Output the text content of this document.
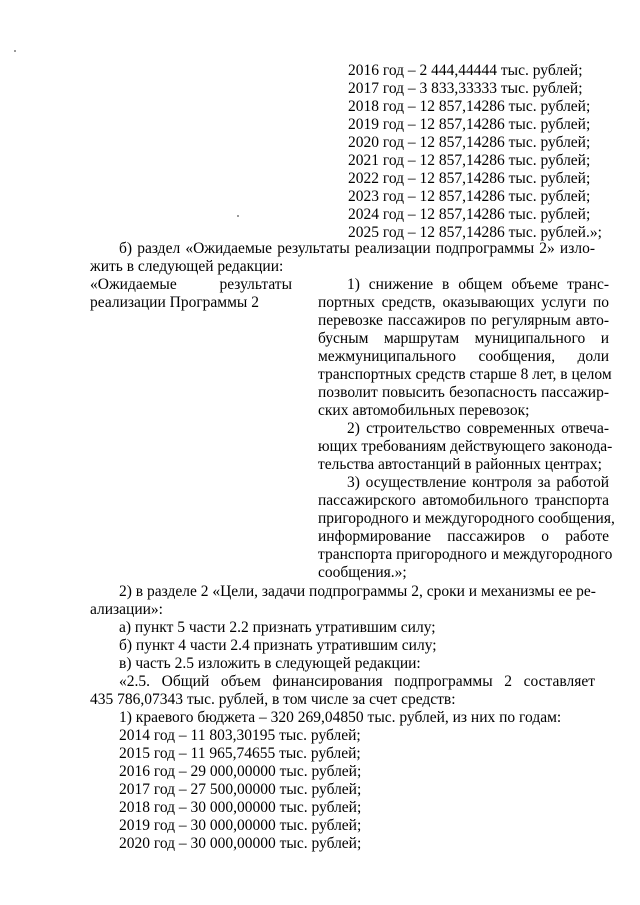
2016 год – 2 444,44444 тыс. рублей;
2017 год – 3 833,33333 тыс. рублей;
2018 год – 12 857,14286 тыс. рублей;
2019 год – 12 857,14286 тыс. рублей;
2020 год – 12 857,14286 тыс. рублей;
2021 год – 12 857,14286 тыс. рублей;
2022 год – 12 857,14286 тыс. рублей;
2023 год – 12 857,14286 тыс. рублей;
2024 год – 12 857,14286 тыс. рублей;
2025 год – 12 857,14286 тыс. рублей.»;
б) раздел «Ожидаемые результаты реализации подпрограммы 2» изло-
жить в следующей редакции:
«Ожидаемые результаты
реализации Программы 2
1) снижение в общем объеме транс-
портных средств, оказывающих услуги по
перевозке пассажиров по регулярным авто-
бусным маршрутам муниципального и
межмуниципального сообщения, доли
транспортных средств старше 8 лет, в целом
позволит повысить безопасность пассажир-
ских автомобильных перевозок;
2) строительство современных отвеча-
ющих требованиям действующего законода-
тельства автостанций в районных центрах;
3) осуществление контроля за работой
пассажирского автомобильного транспорта
пригородного и междугородного сообщения,
информирование пассажиров о работе
транспорта пригородного и междугородного
сообщения.»;
2) в разделе 2 «Цели, задачи подпрограммы 2, сроки и механизмы ее ре-
ализации»:
а) пункт 5 части 2.2 признать утратившим силу;
б) пункт 4 части 2.4 признать утратившим силу;
в) часть 2.5 изложить в следующей редакции:
«2.5. Общий объем финансирования подпрограммы 2 составляет
435 786,07343 тыс. рублей, в том числе за счет средств:
1) краевого бюджета – 320 269,04850 тыс. рублей, из них по годам:
2014 год – 11 803,30195 тыс. рублей;
2015 год – 11 965,74655 тыс. рублей;
2016 год – 29 000,00000 тыс. рублей;
2017 год – 27 500,00000 тыс. рублей;
2018 год – 30 000,00000 тыс. рублей;
2019 год – 30 000,00000 тыс. рублей;
2020 год – 30 000,00000 тыс. рублей;
